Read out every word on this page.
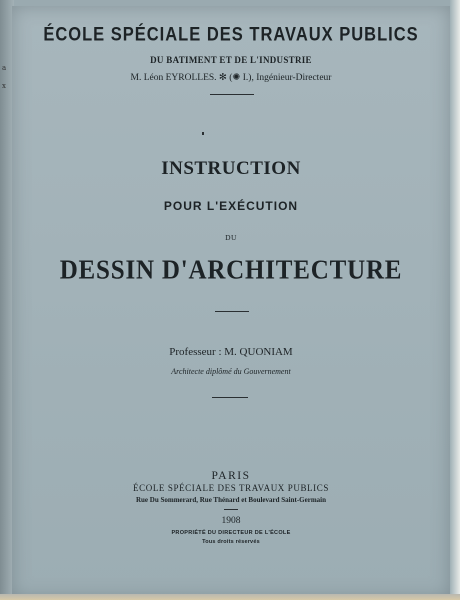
a
x
ÉCOLE SPÉCIALE DES TRAVAUX PUBLICS
DU BATIMENT ET DE L'INDUSTRIE
M. Léon EYROLLES. ✻ (✺ I.), Ingénieur-Directeur
INSTRUCTION
POUR L'EXÉCUTION
DU
DESSIN D'ARCHITECTURE
Professeur : M. QUONIAM
Architecte diplômé du Gouvernement
PARIS
ÉCOLE SPÉCIALE DES TRAVAUX PUBLICS
Rue Du Sommerard, Rue Thénard et Boulevard Saint-Germain
1908
PROPRIÉTÉ DU DIRECTEUR DE L'ÉCOLE
Tous droits réservés
